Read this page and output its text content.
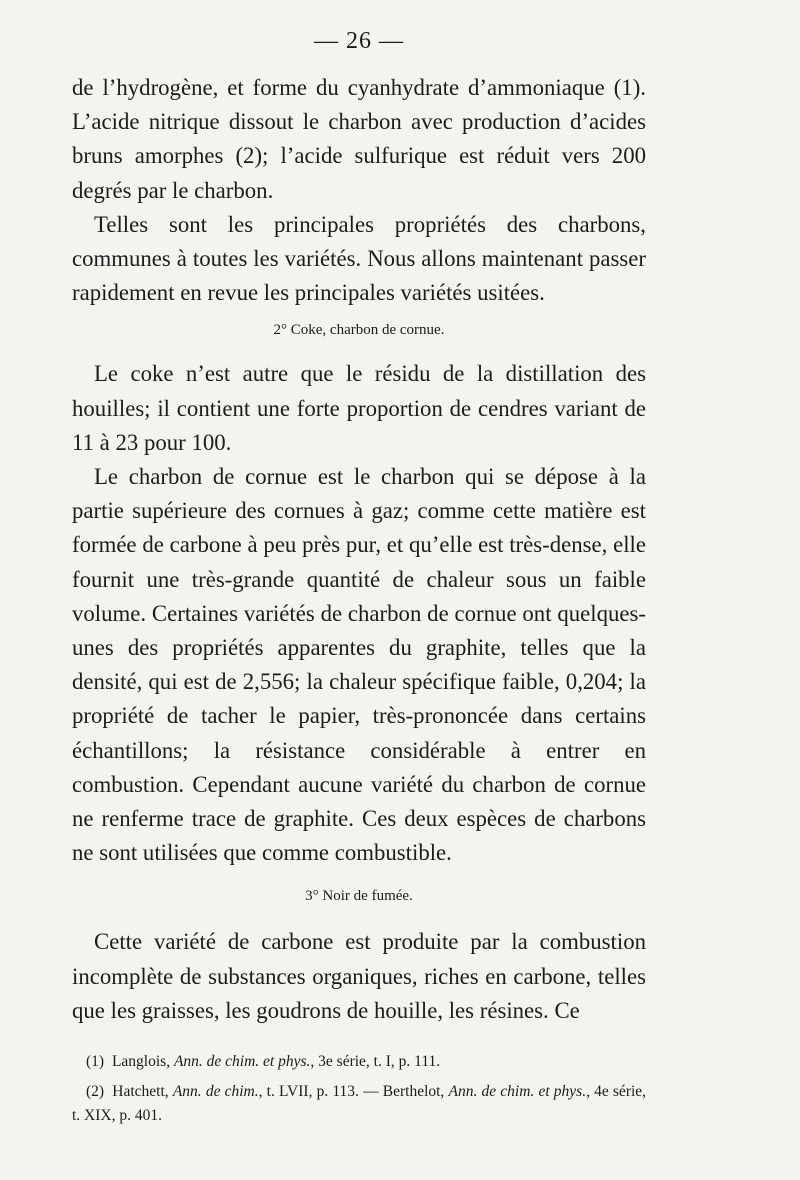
— 26 —

de l’hydrogène, et forme du cyanhydrate d’ammoniaque (1). L’acide nitrique dissout le charbon avec production d’acides bruns amorphes (2); l’acide sulfurique est réduit vers 200 degrés par le charbon.

Telles sont les principales propriétés des charbons, communes à toutes les variétés. Nous allons maintenant passer rapidement en revue les principales variétés usitées.

2° Coke, charbon de cornue.

Le coke n’est autre que le résidu de la distillation des houilles; il contient une forte proportion de cendres variant de 11 à 23 pour 100.

Le charbon de cornue est le charbon qui se dépose à la partie supérieure des cornues à gaz; comme cette matière est formée de carbone à peu près pur, et qu’elle est très-dense, elle fournit une très-grande quantité de chaleur sous un faible volume. Certaines variétés de charbon de cornue ont quelques-unes des propriétés apparentes du graphite, telles que la densité, qui est de 2,556; la chaleur spécifique faible, 0,204; la propriété de tacher le papier, très-prononcée dans certains échantillons; la résistance considérable à entrer en combustion. Cependant aucune variété du charbon de cornue ne renferme trace de graphite. Ces deux espèces de charbons ne sont utilisées que comme combustible.

3° Noir de fumée.

Cette variété de carbone est produite par la combustion incomplète de substances organiques, riches en carbone, telles que les graisses, les goudrons de houille, les résines. Ce

(1) Langlois, Ann. de chim. et phys., 3e série, t. I, p. 111.

(2) Hatchett, Ann. de chim., t. LVII, p. 113. — Berthelot, Ann. de chim. et phys., 4e série, t. XIX, p. 401.
